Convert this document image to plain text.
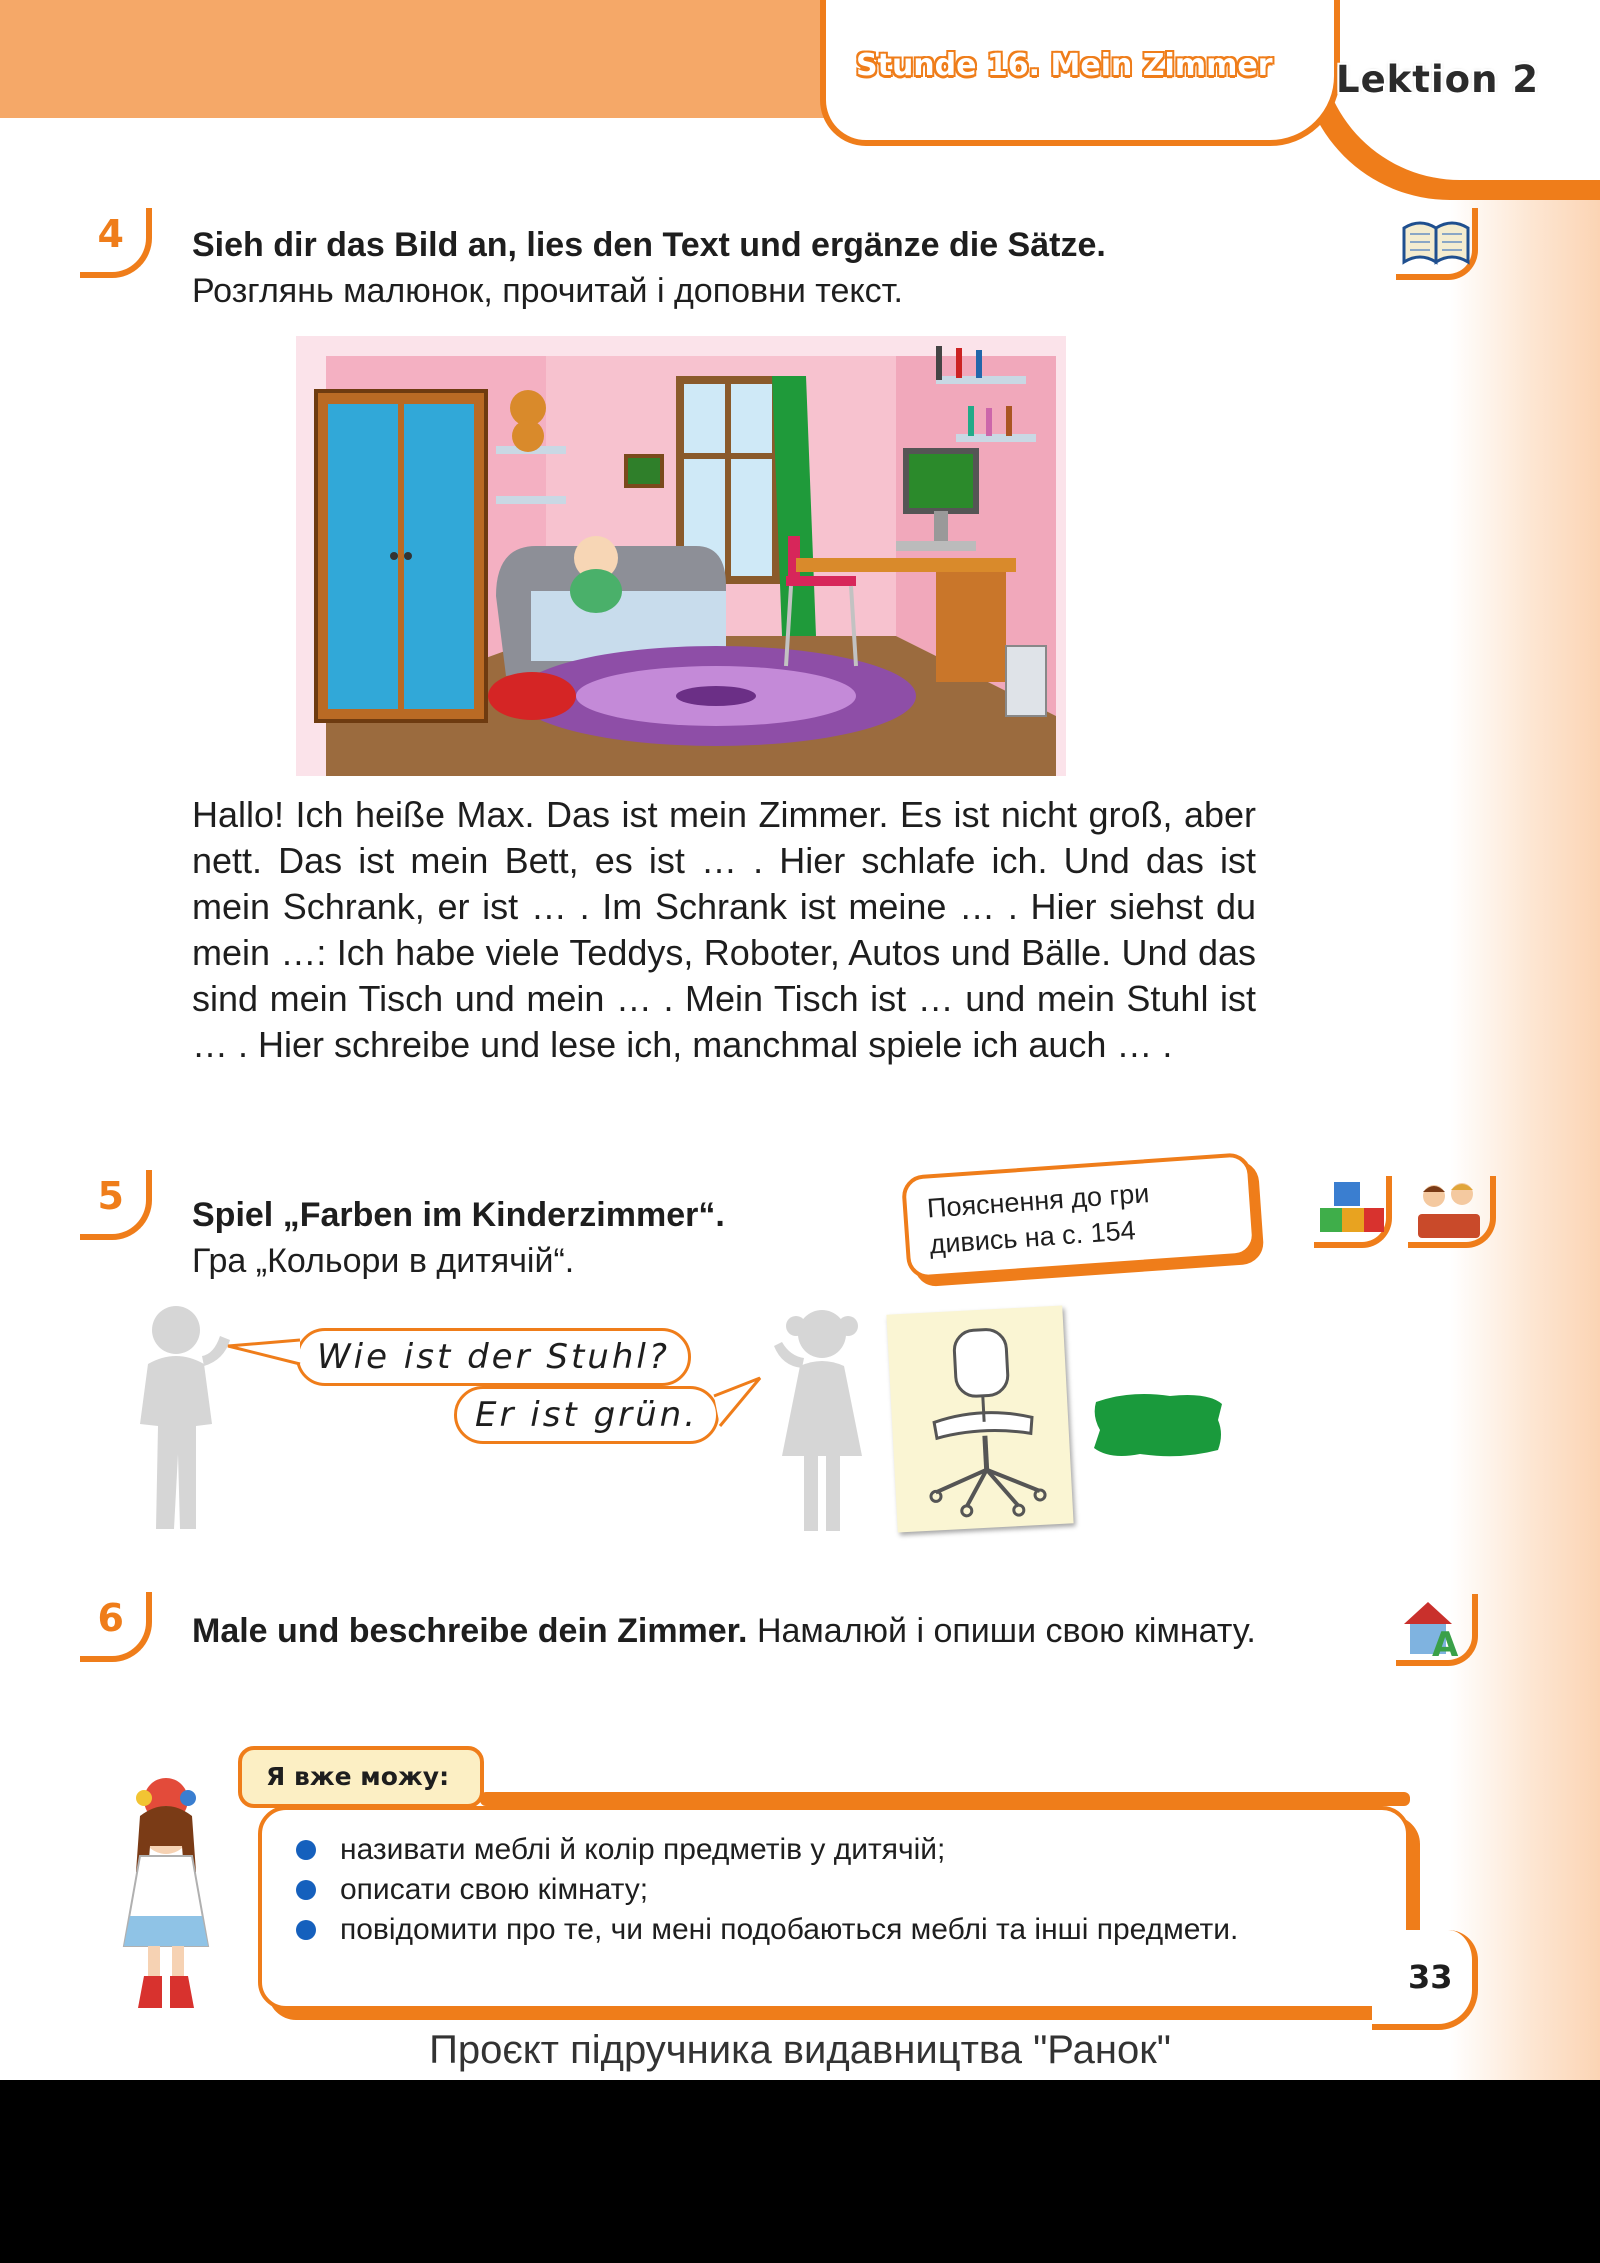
Stunde 16. Mein Zimmer Lektion 2
4 Sieh dir das Bild an, lies den Text und ergänze die Sätze.
Розглянь малюнок, прочитай і доповни текст.
Hallo! Ich heiße Max. Das ist mein Zimmer. Es ist nicht groß, aber nett. Das ist mein Bett, es ist … . Hier schlafe ich. Und das ist mein Schrank, er ist … . Im Schrank ist meine … . Hier siehst du mein …: Ich habe viele Teddys, Roboter, Autos und Bälle. Und das sind mein Tisch und mein … . Mein Tisch ist … und mein Stuhl ist … . Hier schreibe und lese ich, manchmal spiele ich auch … .
5 Spiel „Farben im Kinderzimmer“.
Гра „Кольори в дитячій“.
Пояснення до гри
дивись на с. 154
Wie ist der Stuhl?
Er ist grün.
6 Male und beschreibe dein Zimmer. Намалюй і опиши свою кімнату.	A
Я вже можу:
називати меблі й колір предметів у дитячій;
описати свою кімнату;
повідомити про те, чи мені подобаються меблі та інші предмети.
33
Проєкт підручника видавництва "Ранок"
